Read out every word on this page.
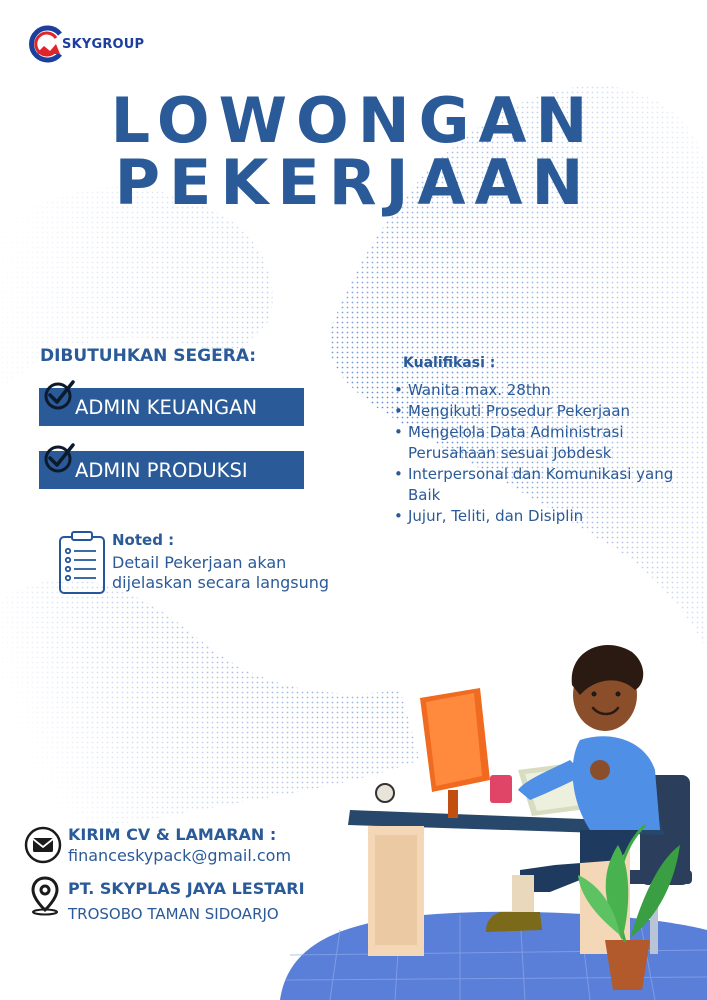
SKYGROUP
LOWONGAN
PEKERJAAN
DIBUTUHKAN SEGERA:
ADMIN KEUANGAN
ADMIN PRODUKSI
Noted :
Detail Pekerjaan akan
dijelaskan secara langsung
Kualifikasi :
• Wanita max. 28thn
• Mengikuti Prosedur Pekerjaan
• Mengelola Data Administrasi Perusahaan sesuai Jobdesk
• Interpersonal dan Komunikasi yang Baik
• Jujur, Teliti, dan Disiplin
KIRIM CV & LAMARAN :
financeskypack@gmail.com
PT. SKYPLAS JAYA LESTARI
TROSOBO TAMAN SIDOARJO
